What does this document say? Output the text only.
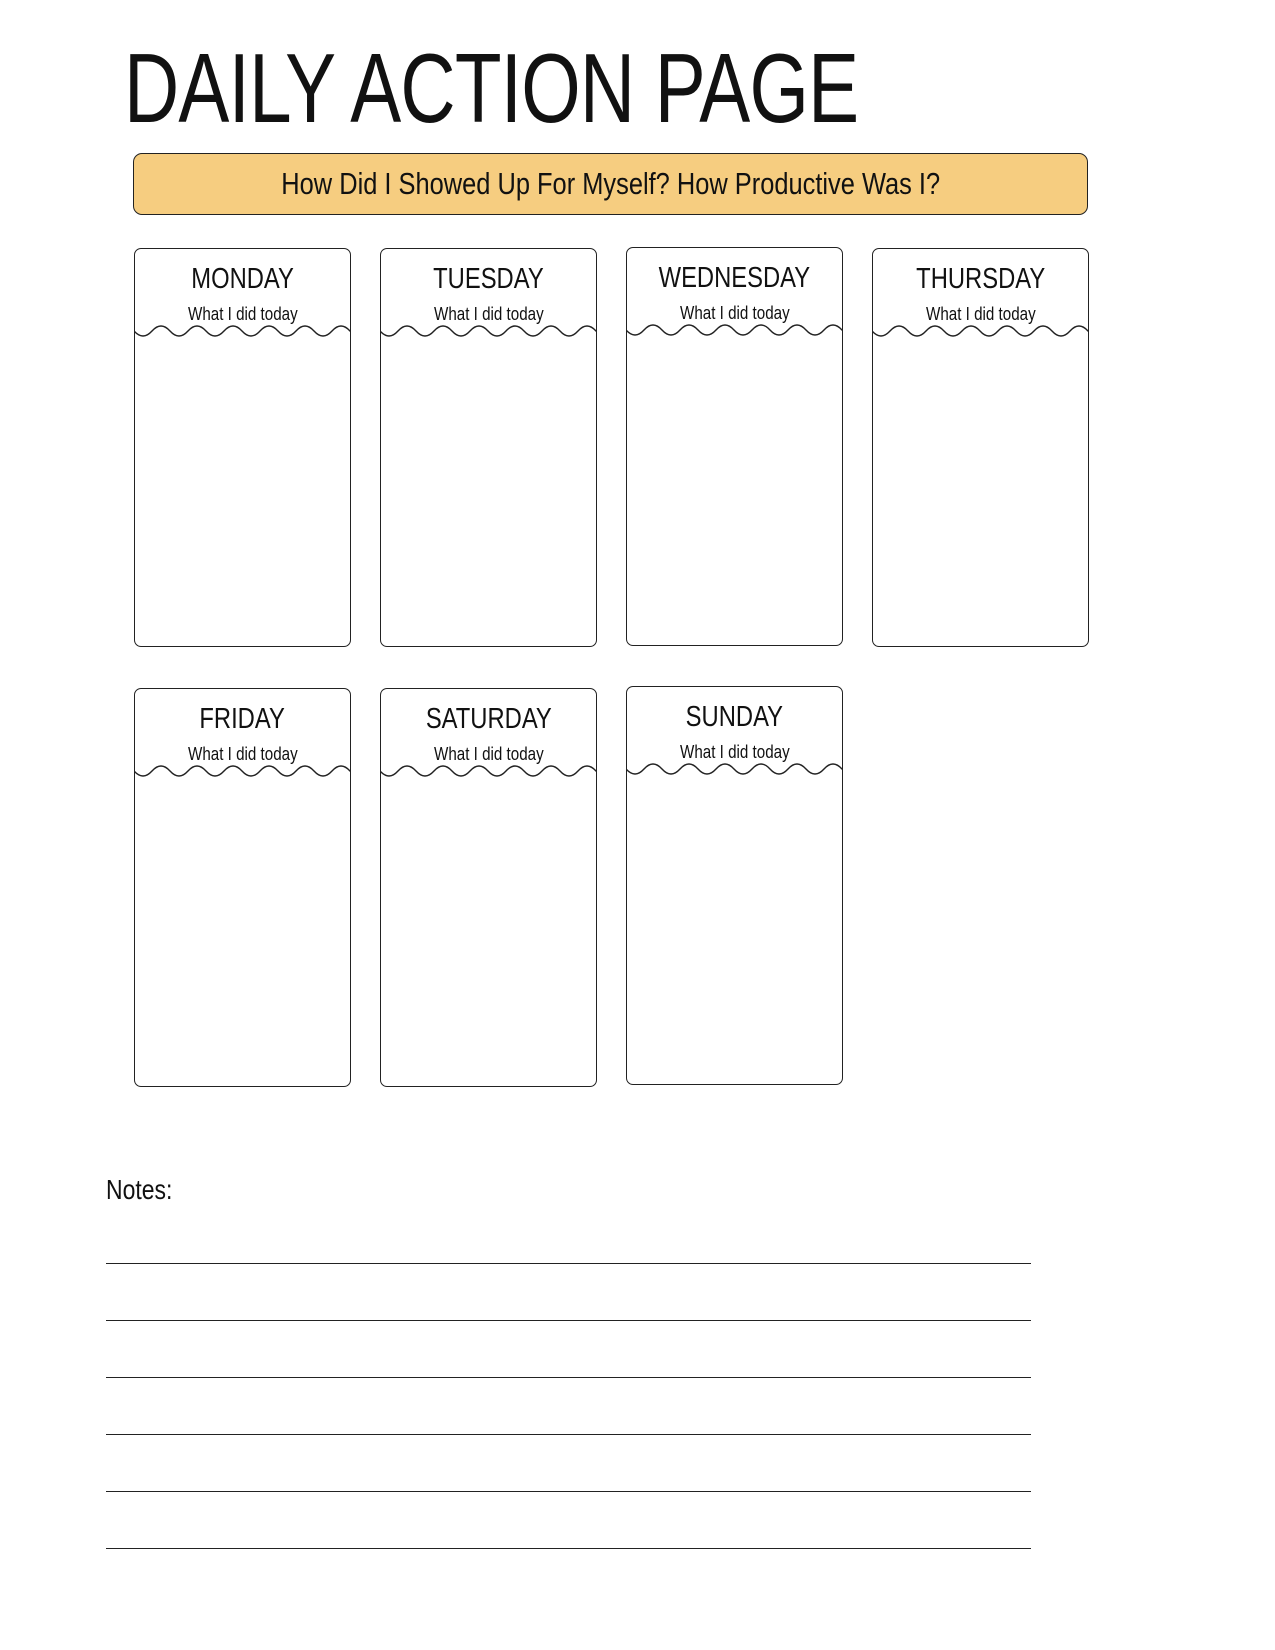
DAILY ACTION PAGE
How Did I Showed Up For Myself? How Productive Was I?
MONDAY
What I did today
TUESDAY
What I did today
WEDNESDAY
What I did today
THURSDAY
What I did today
FRIDAY
What I did today
SATURDAY
What I did today
SUNDAY
What I did today
Notes:
